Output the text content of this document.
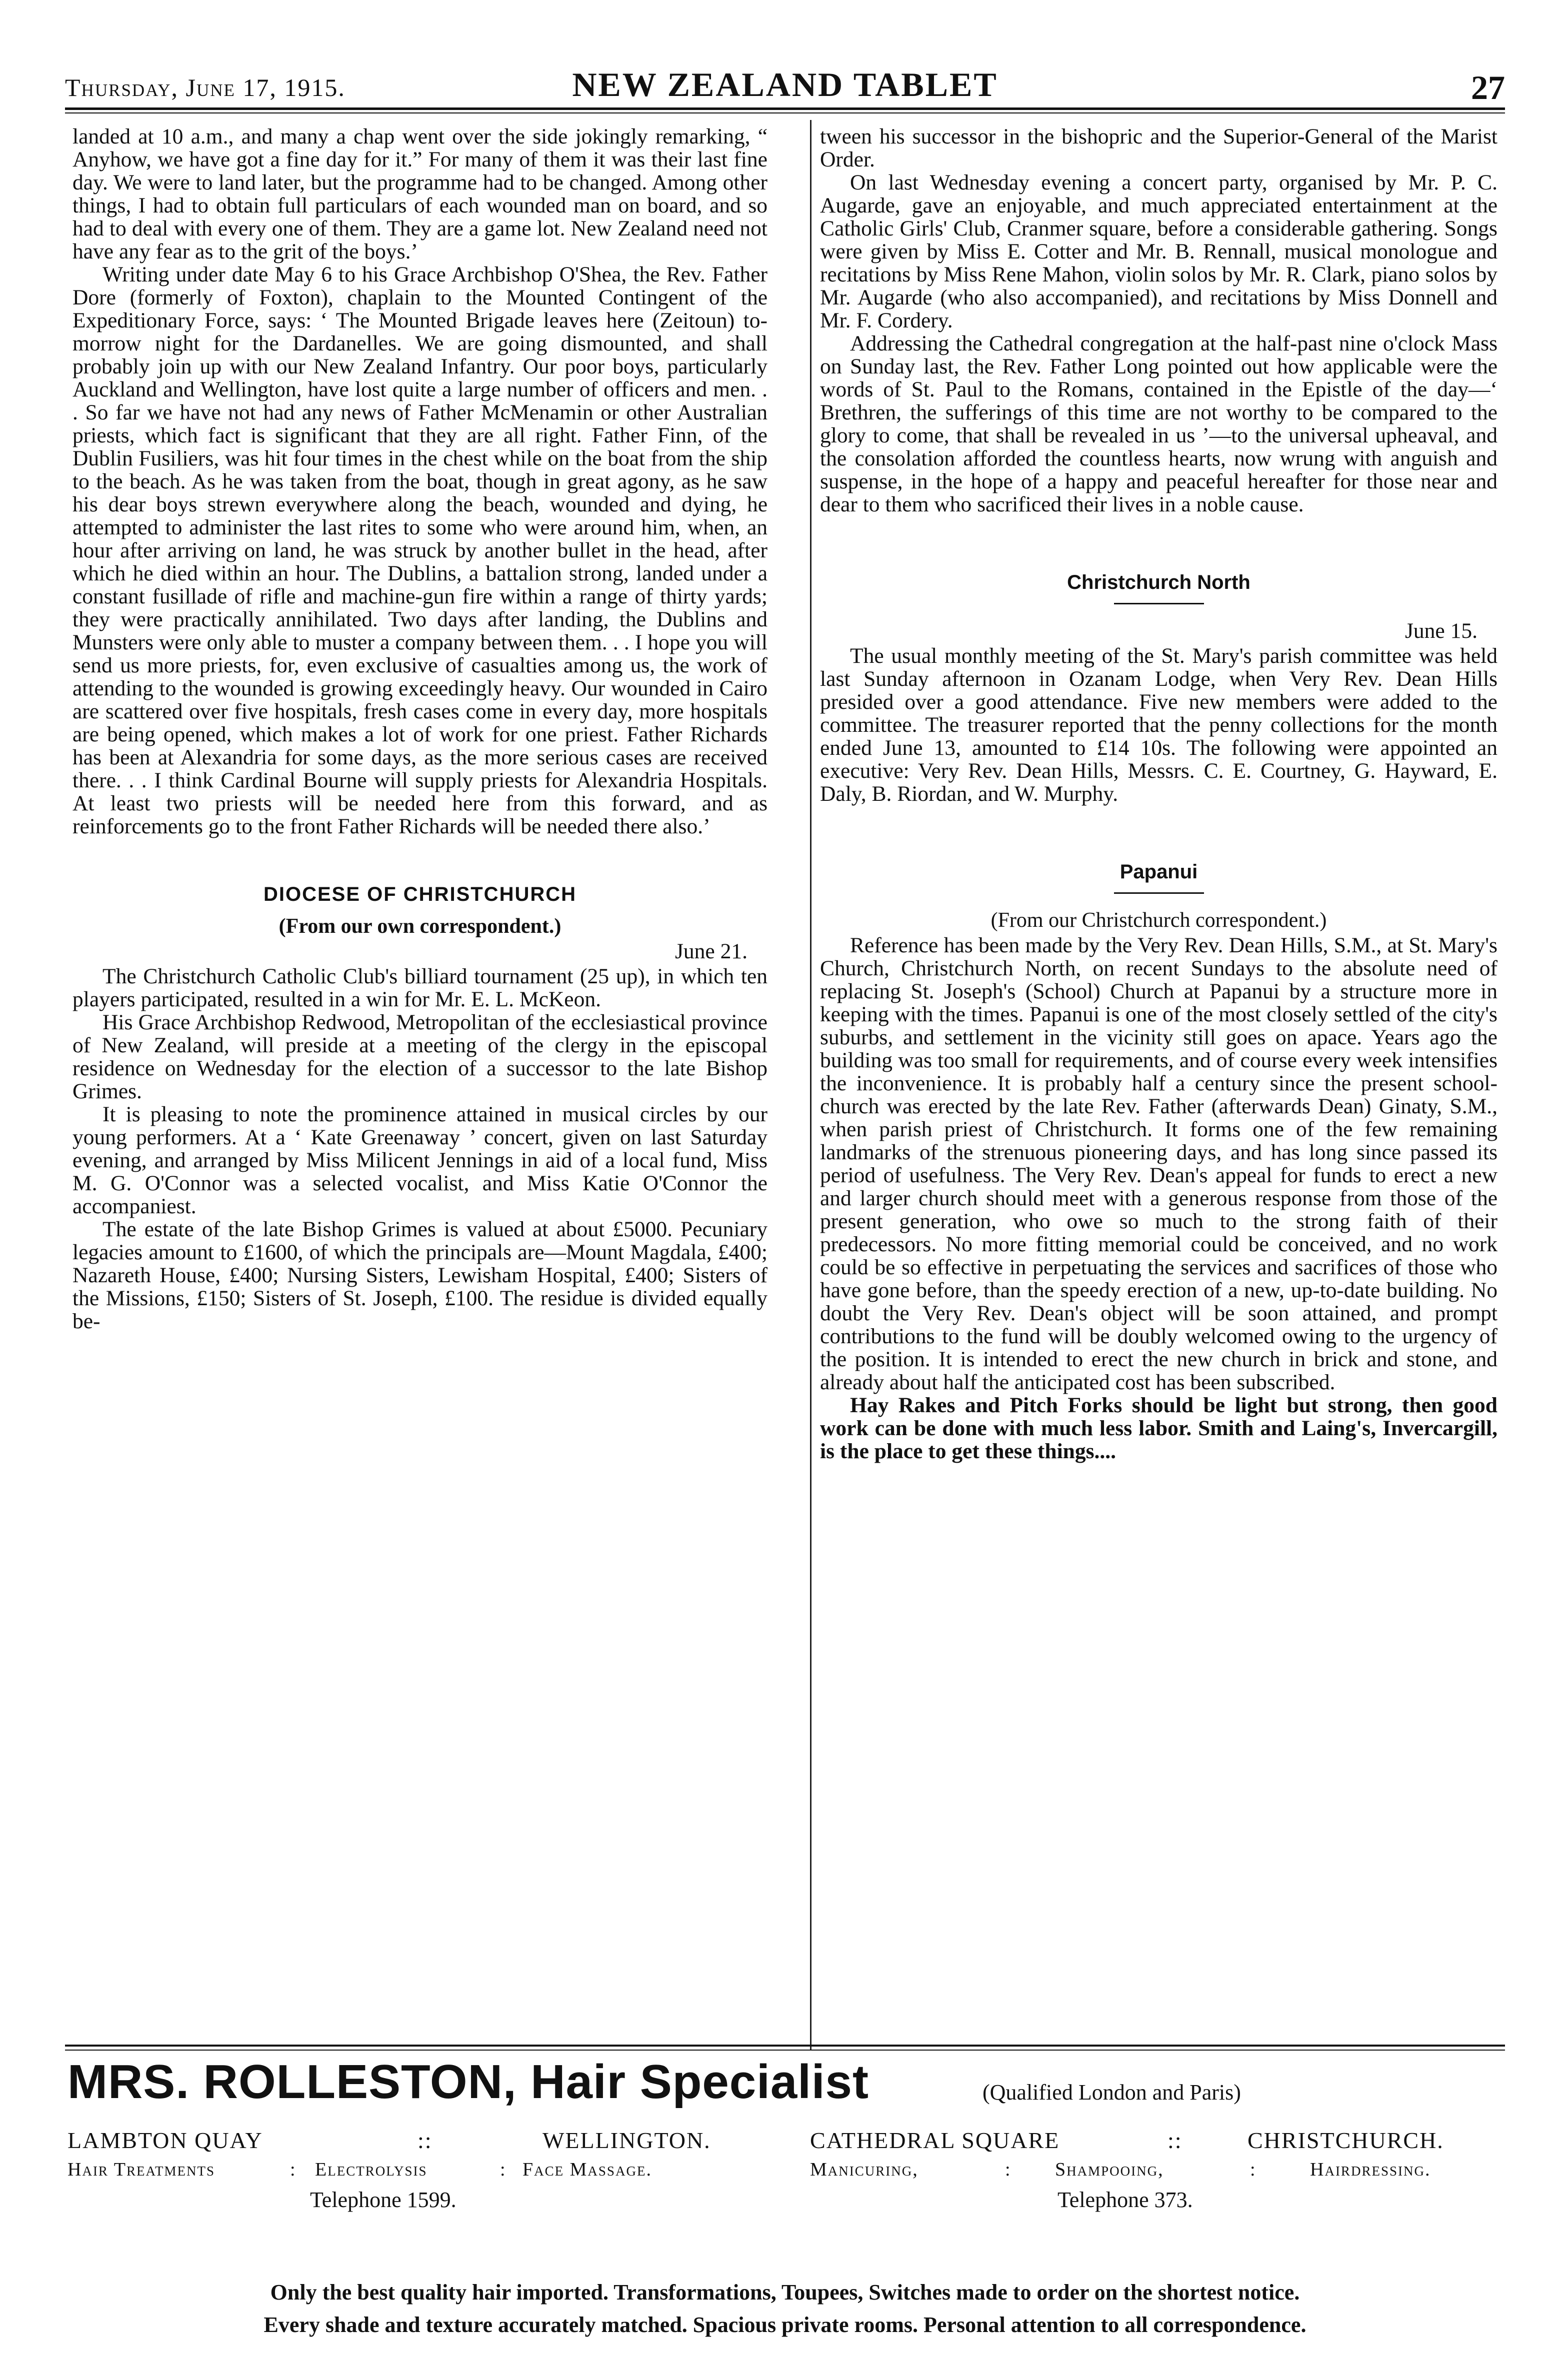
Thursday, June 17, 1915.	NEW ZEALAND TABLET	27

landed at 10 a.m., and many a chap went over the side jokingly remarking, “ Anyhow, we have got a fine day for it.” For many of them it was their last fine day. We were to land later, but the programme had to be changed. Among other things, I had to obtain full particulars of each wounded man on board, and so had to deal with every one of them. They are a game lot. New Zealand need not have any fear as to the grit of the boys.’

Writing under date May 6 to his Grace Archbishop O'Shea, the Rev. Father Dore (formerly of Foxton), chaplain to the Mounted Contingent of the Expeditionary Force, says: ‘ The Mounted Brigade leaves here (Zeitoun) to-morrow night for the Dardanelles. We are going dismounted, and shall probably join up with our New Zealand Infantry. Our poor boys, particularly Auckland and Wellington, have lost quite a large number of officers and men. . . So far we have not had any news of Father McMenamin or other Australian priests, which fact is significant that they are all right. Father Finn, of the Dublin Fusiliers, was hit four times in the chest while on the boat from the ship to the beach. As he was taken from the boat, though in great agony, as he saw his dear boys strewn everywhere along the beach, wounded and dying, he attempted to administer the last rites to some who were around him, when, an hour after arriving on land, he was struck by another bullet in the head, after which he died within an hour. The Dublins, a battalion strong, landed under a constant fusillade of rifle and machine-gun fire within a range of thirty yards; they were practically annihilated. Two days after landing, the Dublins and Munsters were only able to muster a company between them. . . I hope you will send us more priests, for, even exclusive of casualties among us, the work of attending to the wounded is growing exceedingly heavy. Our wounded in Cairo are scattered over five hospitals, fresh cases come in every day, more hospitals are being opened, which makes a lot of work for one priest. Father Richards has been at Alexandria for some days, as the more serious cases are received there. . . I think Cardinal Bourne will supply priests for Alexandria Hospitals. At least two priests will be needed here from this forward, and as reinforcements go to the front Father Richards will be needed there also.’

DIOCESE OF CHRISTCHURCH
(From our own correspondent.)
June 21.

The Christchurch Catholic Club's billiard tournament (25 up), in which ten players participated, resulted in a win for Mr. E. L. McKeon.

His Grace Archbishop Redwood, Metropolitan of the ecclesiastical province of New Zealand, will preside at a meeting of the clergy in the episcopal residence on Wednesday for the election of a successor to the late Bishop Grimes.

It is pleasing to note the prominence attained in musical circles by our young performers. At a ‘ Kate Greenaway ’ concert, given on last Saturday evening, and arranged by Miss Milicent Jennings in aid of a local fund, Miss M. G. O'Connor was a selected vocalist, and Miss Katie O'Connor the accompaniest.

The estate of the late Bishop Grimes is valued at about £5000. Pecuniary legacies amount to £1600, of which the principals are—Mount Magdala, £400; Nazareth House, £400; Nursing Sisters, Lewisham Hospital, £400; Sisters of the Missions, £150; Sisters of St. Joseph, £100. The residue is divided equally be-

tween his successor in the bishopric and the Superior-General of the Marist Order.

On last Wednesday evening a concert party, organised by Mr. P. C. Augarde, gave an enjoyable, and much appreciated entertainment at the Catholic Girls' Club, Cranmer square, before a considerable gathering. Songs were given by Miss E. Cotter and Mr. B. Rennall, musical monologue and recitations by Miss Rene Mahon, violin solos by Mr. R. Clark, piano solos by Mr. Augarde (who also accompanied), and recitations by Miss Donnell and Mr. F. Cordery.

Addressing the Cathedral congregation at the half-past nine o'clock Mass on Sunday last, the Rev. Father Long pointed out how applicable were the words of St. Paul to the Romans, contained in the Epistle of the day—‘ Brethren, the sufferings of this time are not worthy to be compared to the glory to come, that shall be revealed in us ’—to the universal upheaval, and the consolation afforded the countless hearts, now wrung with anguish and suspense, in the hope of a happy and peaceful hereafter for those near and dear to them who sacrificed their lives in a noble cause.

Christchurch North
June 15.

The usual monthly meeting of the St. Mary's parish committee was held last Sunday afternoon in Ozanam Lodge, when Very Rev. Dean Hills presided over a good attendance. Five new members were added to the committee. The treasurer reported that the penny collections for the month ended June 13, amounted to £14 10s. The following were appointed an executive: Very Rev. Dean Hills, Messrs. C. E. Courtney, G. Hayward, E. Daly, B. Riordan, and W. Murphy.

Papanui
(From our Christchurch correspondent.)

Reference has been made by the Very Rev. Dean Hills, S.M., at St. Mary's Church, Christchurch North, on recent Sundays to the absolute need of replacing St. Joseph's (School) Church at Papanui by a structure more in keeping with the times. Papanui is one of the most closely settled of the city's suburbs, and settlement in the vicinity still goes on apace. Years ago the building was too small for requirements, and of course every week intensifies the inconvenience. It is probably half a century since the present school-church was erected by the late Rev. Father (afterwards Dean) Ginaty, S.M., when parish priest of Christchurch. It forms one of the few remaining landmarks of the strenuous pioneering days, and has long since passed its period of usefulness. The Very Rev. Dean's appeal for funds to erect a new and larger church should meet with a generous response from those of the present generation, who owe so much to the strong faith of their predecessors. No more fitting memorial could be conceived, and no work could be so effective in perpetuating the services and sacrifices of those who have gone before, than the speedy erection of a new, up-to-date building. No doubt the Very Rev. Dean's object will be soon attained, and prompt contributions to the fund will be doubly welcomed owing to the urgency of the position. It is intended to erect the new church in brick and stone, and already about half the anticipated cost has been subscribed.

Hay Rakes and Pitch Forks should be light but strong, then good work can be done with much less labor. Smith and Laing's, Invercargill, is the place to get these things....

MRS. ROLLESTON, Hair Specialist	(Qualified London and Paris)
LAMBTON QUAY	::	WELLINGTON.	CATHEDRAL SQUARE	::	CHRISTCHURCH.
Hair Treatments	: Electrolysis	: Face Massage.	Manicuring,	: Shampooing,	:	Hairdressing.
Telephone 1599.	Telephone 373.
Only the best quality hair imported. Transformations, Toupees, Switches made to order on the shortest notice.
Every shade and texture accurately matched. Spacious private rooms. Personal attention to all correspondence.
